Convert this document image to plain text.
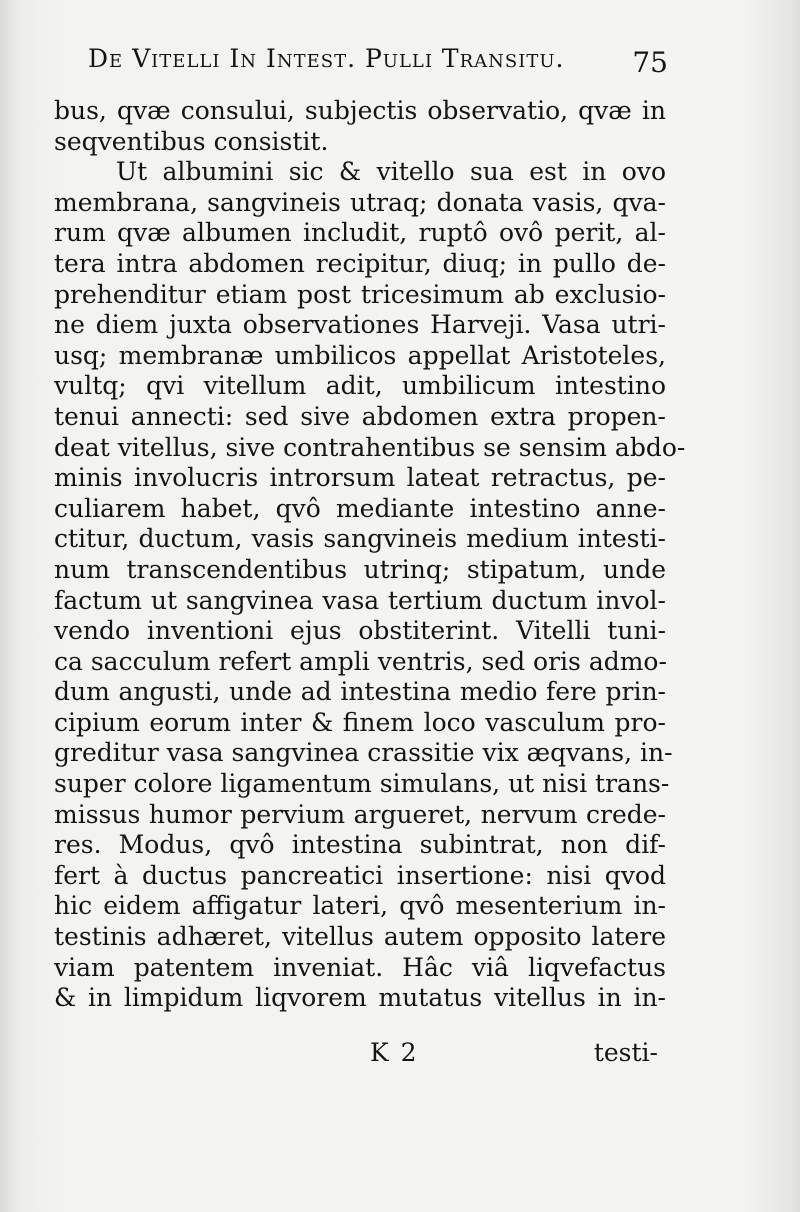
De Vitelli In Intest. Pulli Transitu. 75
bus, qvæ consului, subjectis observatio, qvæ in
seqventibus consistit.
Ut albumini sic & vitello sua est in ovo
membrana, sangvineis utraq; donata vasis, qva-
rum qvæ albumen includit, ruptô ovô perit, al-
tera intra abdomen recipitur, diuq; in pullo de-
prehenditur etiam post tricesimum ab exclusio-
ne diem juxta observationes Harveji. Vasa utri-
usq; membranæ umbilicos appellat Aristoteles,
vultq; qvi vitellum adit, umbilicum intestino
tenui annecti: sed sive abdomen extra propen-
deat vitellus, sive contrahentibus se sensim abdo-
minis involucris introrsum lateat retractus, pe-
culiarem habet, qvô mediante intestino anne-
ctitur, ductum, vasis sangvineis medium intesti-
num transcendentibus utrinq; stipatum, unde
factum ut sangvinea vasa tertium ductum invol-
vendo inventioni ejus obstiterint. Vitelli tuni-
ca sacculum refert ampli ventris, sed oris admo-
dum angusti, unde ad intestina medio fere prin-
cipium eorum inter & finem loco vasculum pro-
greditur vasa sangvinea crassitie vix æqvans, in-
super colore ligamentum simulans, ut nisi trans-
missus humor pervium argueret, nervum crede-
res. Modus, qvô intestina subintrat, non dif-
fert à ductus pancreatici insertione: nisi qvod
hic eidem affigatur lateri, qvô mesenterium in-
testinis adhæret, vitellus autem opposito latere
viam patentem inveniat. Hâc viâ liqvefactus
& in limpidum liqvorem mutatus vitellus in in-
K 2	testi-
